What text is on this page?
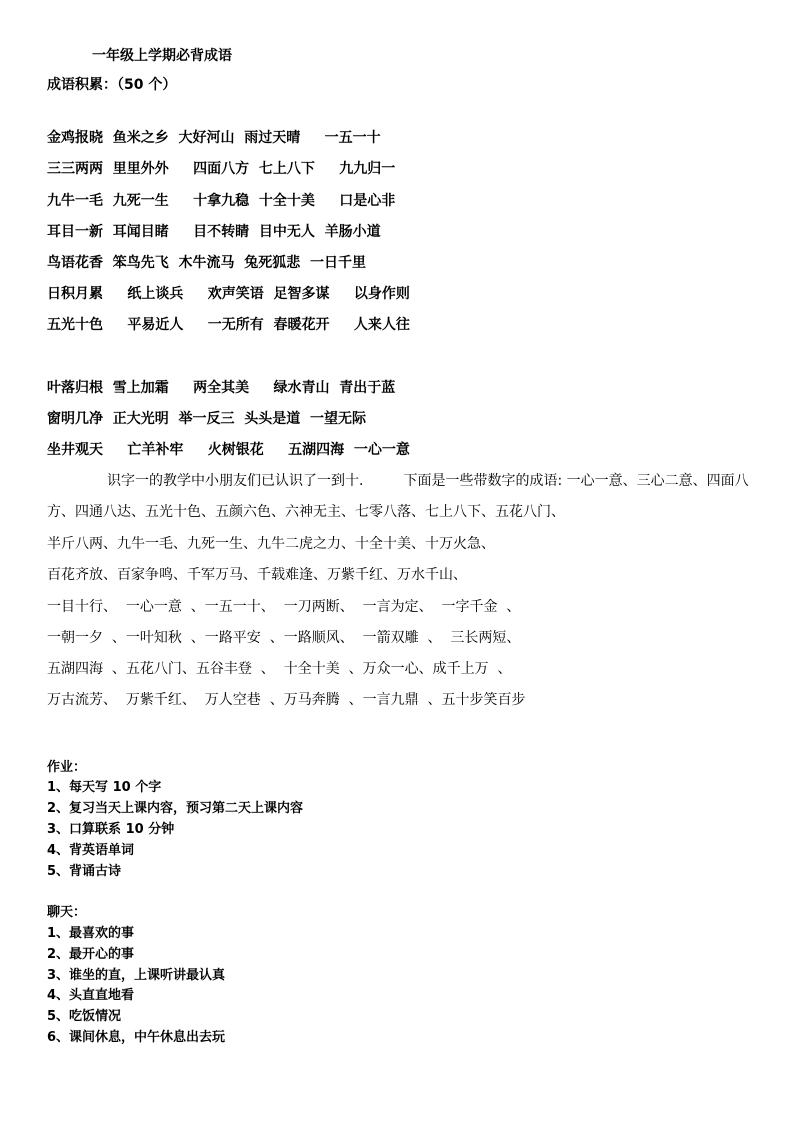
一年级上学期必背成语
成语积累：（50 个）
金鸡报晓  鱼米之乡  大好河山  雨过天晴     一五一十
三三两两  里里外外     四面八方  七上八下     九九归一
九牛一毛  九死一生     十拿九稳  十全十美     口是心非
耳目一新  耳闻目睹     目不转睛  目中无人  羊肠小道
鸟语花香  笨鸟先飞  木牛流马  兔死狐悲  一日千里
日积月累     纸上谈兵     欢声笑语  足智多谋     以身作则
五光十色     平易近人     一无所有  春暖花开     人来人往
叶落归根  雪上加霜     两全其美     绿水青山  青出于蓝
窗明几净  正大光明  举一反三  头头是道  一望无际
坐井观天     亡羊补牢     火树银花     五湖四海  一心一意
识字一的教学中小朋友们已认识了一到十.         下面是一些带数字的成语: 一心一意、三心二意、四面八
方、四通八达、五光十色、五颜六色、六神无主、七零八落、七上八下、五花八门、
半斤八两、九牛一毛、九死一生、九牛二虎之力、十全十美、十万火急、
百花齐放、百家争鸣、千军万马、千载难逢、万紫千红、万水千山、
一目十行、  一心一意  、一五一十、  一刀两断、  一言为定、  一字千金  、
一朝一夕  、一叶知秋  、一路平安  、一路顺风、  一箭双雕  、  三长两短、
五湖四海  、五花八门、五谷丰登  、  十全十美  、万众一心、成千上万  、
万古流芳、  万紫千红、  万人空巷  、万马奔腾  、一言九鼎  、五十步笑百步
作业：
1、每天写 10 个字
2、复习当天上课内容，预习第二天上课内容
3、口算联系 10 分钟
4、背英语单词
5、背诵古诗
聊天：
1、最喜欢的事
2、最开心的事
3、谁坐的直，上课听讲最认真
4、头直直地看
5、吃饭情况
6、课间休息，中午休息出去玩
